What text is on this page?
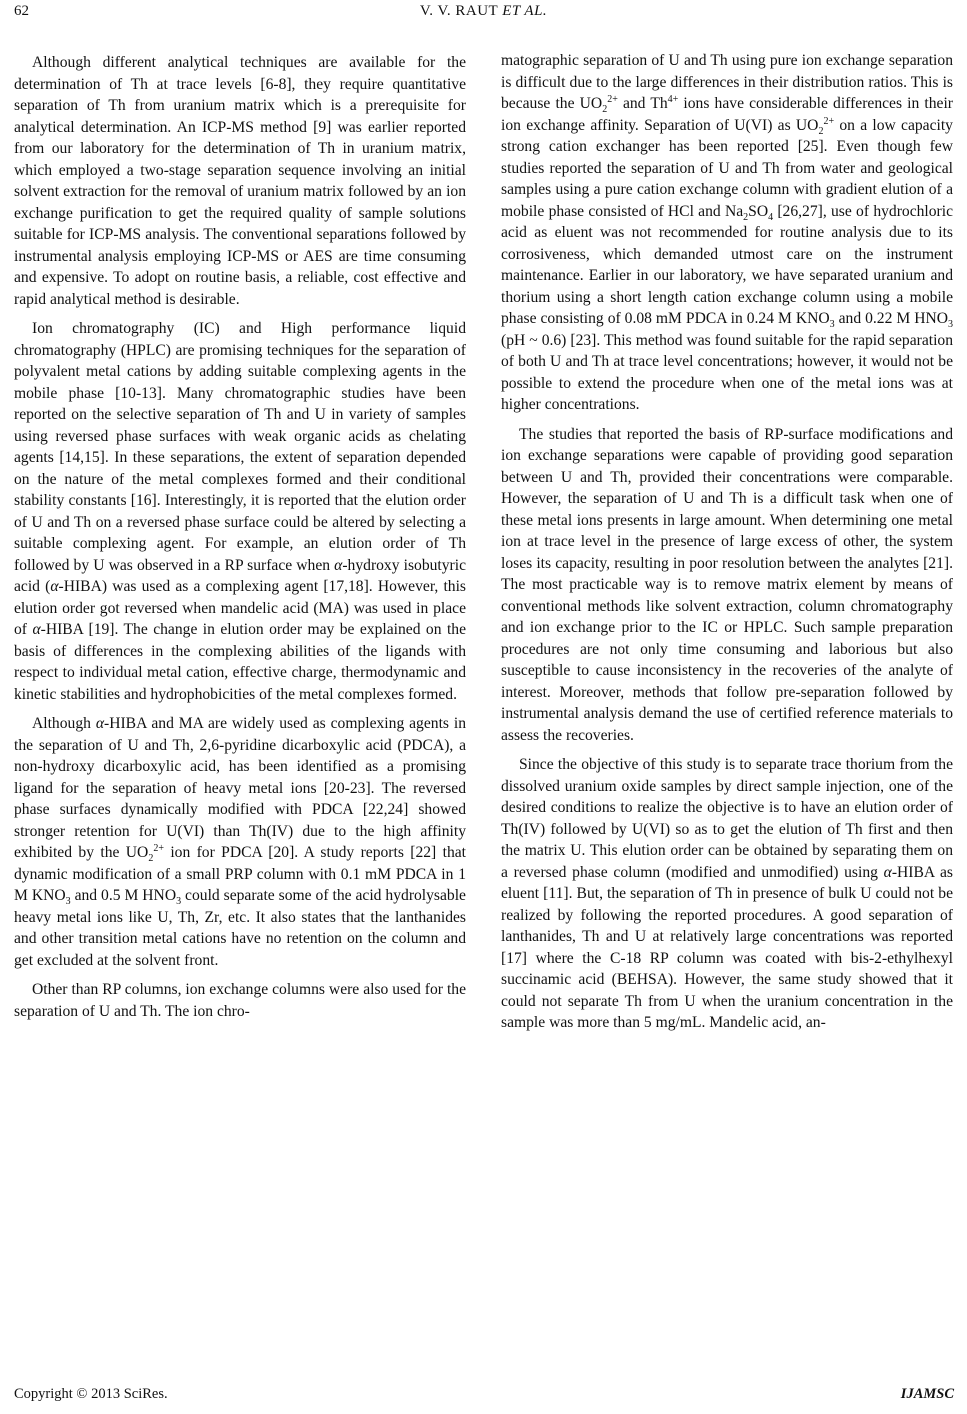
62	V. V. RAUT ET AL.

Although different analytical techniques are available for the determination of Th at trace levels [6-8], they require quantitative separation of Th from uranium matrix which is a prerequisite for analytical determination. An ICP-MS method [9] was earlier reported from our laboratory for the determination of Th in uranium matrix, which employed a two-stage separation sequence involving an initial solvent extraction for the removal of uranium matrix followed by an ion exchange purification to get the required quality of sample solutions suitable for ICP-MS analysis. The conventional separations followed by instrumental analysis employing ICP-MS or AES are time consuming and expensive. To adopt on routine basis, a reliable, cost effective and rapid analytical method is desirable.

Ion chromatography (IC) and High performance liquid chromatography (HPLC) are promising techniques for the separation of polyvalent metal cations by adding suitable complexing agents in the mobile phase [10-13]. Many chromatographic studies have been reported on the selective separation of Th and U in variety of samples using reversed phase surfaces with weak organic acids as chelating agents [14,15]. In these separations, the extent of separation depended on the nature of the metal complexes formed and their conditional stability constants [16]. Interestingly, it is reported that the elution order of U and Th on a reversed phase surface could be altered by selecting a suitable complexing agent. For example, an elution order of Th followed by U was observed in a RP surface when α-hydroxy isobutyric acid (α-HIBA) was used as a complexing agent [17,18]. However, this elution order got reversed when mandelic acid (MA) was used in place of α-HIBA [19]. The change in elution order may be explained on the basis of differences in the complexing abilities of the ligands with respect to individual metal cation, effective charge, thermodynamic and kinetic stabilities and hydrophobicities of the metal complexes formed.

Although α-HIBA and MA are widely used as complexing agents in the separation of U and Th, 2,6-pyridine dicarboxylic acid (PDCA), a non-hydroxy dicarboxylic acid, has been identified as a promising ligand for the separation of heavy metal ions [20-23]. The reversed phase surfaces dynamically modified with PDCA [22,24] showed stronger retention for U(VI) than Th(IV) due to the high affinity exhibited by the $UO_2^{2+}$ ion for PDCA [20]. A study reports [22] that dynamic modification of a small PRP column with 0.1 mM PDCA in 1 M $KNO_3$ and 0.5 M $HNO_3$ could separate some of the acid hydrolysable heavy metal ions like U, Th, Zr, etc. It also states that the lanthanides and other transition metal cations have no retention on the column and get excluded at the solvent front.

Other than RP columns, ion exchange columns were also used for the separation of U and Th. The ion chro-

matographic separation of U and Th using pure ion exchange separation is difficult due to the large differences in their distribution ratios. This is because the $UO_2^{2+}$ and $Th^{4+}$ ions have considerable differences in their ion exchange affinity. Separation of U(VI) as $UO_2^{2+}$ on a low capacity strong cation exchanger has been reported [25]. Even though few studies reported the separation of U and Th from water and geological samples using a pure cation exchange column with gradient elution of a mobile phase consisted of HCl and $Na_2SO_4$ [26,27], use of hydrochloric acid as eluent was not recommended for routine analysis due to its corrosiveness, which demanded utmost care on the instrument maintenance. Earlier in our laboratory, we have separated uranium and thorium using a short length cation exchange column using a mobile phase consisting of 0.08 mM PDCA in 0.24 M $KNO_3$ and 0.22 M $HNO_3$ (pH ~ 0.6) [23]. This method was found suitable for the rapid separation of both U and Th at trace level concentrations; however, it would not be possible to extend the procedure when one of the metal ions was at higher concentrations.

The studies that reported the basis of RP-surface modifications and ion exchange separations were capable of providing good separation between U and Th, provided their concentrations were comparable. However, the separation of U and Th is a difficult task when one of these metal ions presents in large amount. When determining one metal ion at trace level in the presence of large excess of other, the system loses its capacity, resulting in poor resolution between the analytes [21]. The most practicable way is to remove matrix element by means of conventional methods like solvent extraction, column chromatography and ion exchange prior to the IC or HPLC. Such sample preparation procedures are not only time consuming and laborious but also susceptible to cause inconsistency in the recoveries of the analyte of interest. Moreover, methods that follow pre-separation followed by instrumental analysis demand the use of certified reference materials to assess the recoveries.

Since the objective of this study is to separate trace thorium from the dissolved uranium oxide samples by direct sample injection, one of the desired conditions to realize the objective is to have an elution order of Th(IV) followed by U(VI) so as to get the elution of Th first and then the matrix U. This elution order can be obtained by separating them on a reversed phase column (modified and unmodified) using α-HIBA as eluent [11]. But, the separation of Th in presence of bulk U could not be realized by following the reported procedures. A good separation of lanthanides, Th and U at relatively large concentrations was reported [17] where the C-18 RP column was coated with bis-2-ethylhexyl succinamic acid (BEHSA). However, the same study showed that it could not separate Th from U when the uranium concentration in the sample was more than 5 mg/mL. Mandelic acid, an-

Copyright © 2013 SciRes.	IJAMSC
